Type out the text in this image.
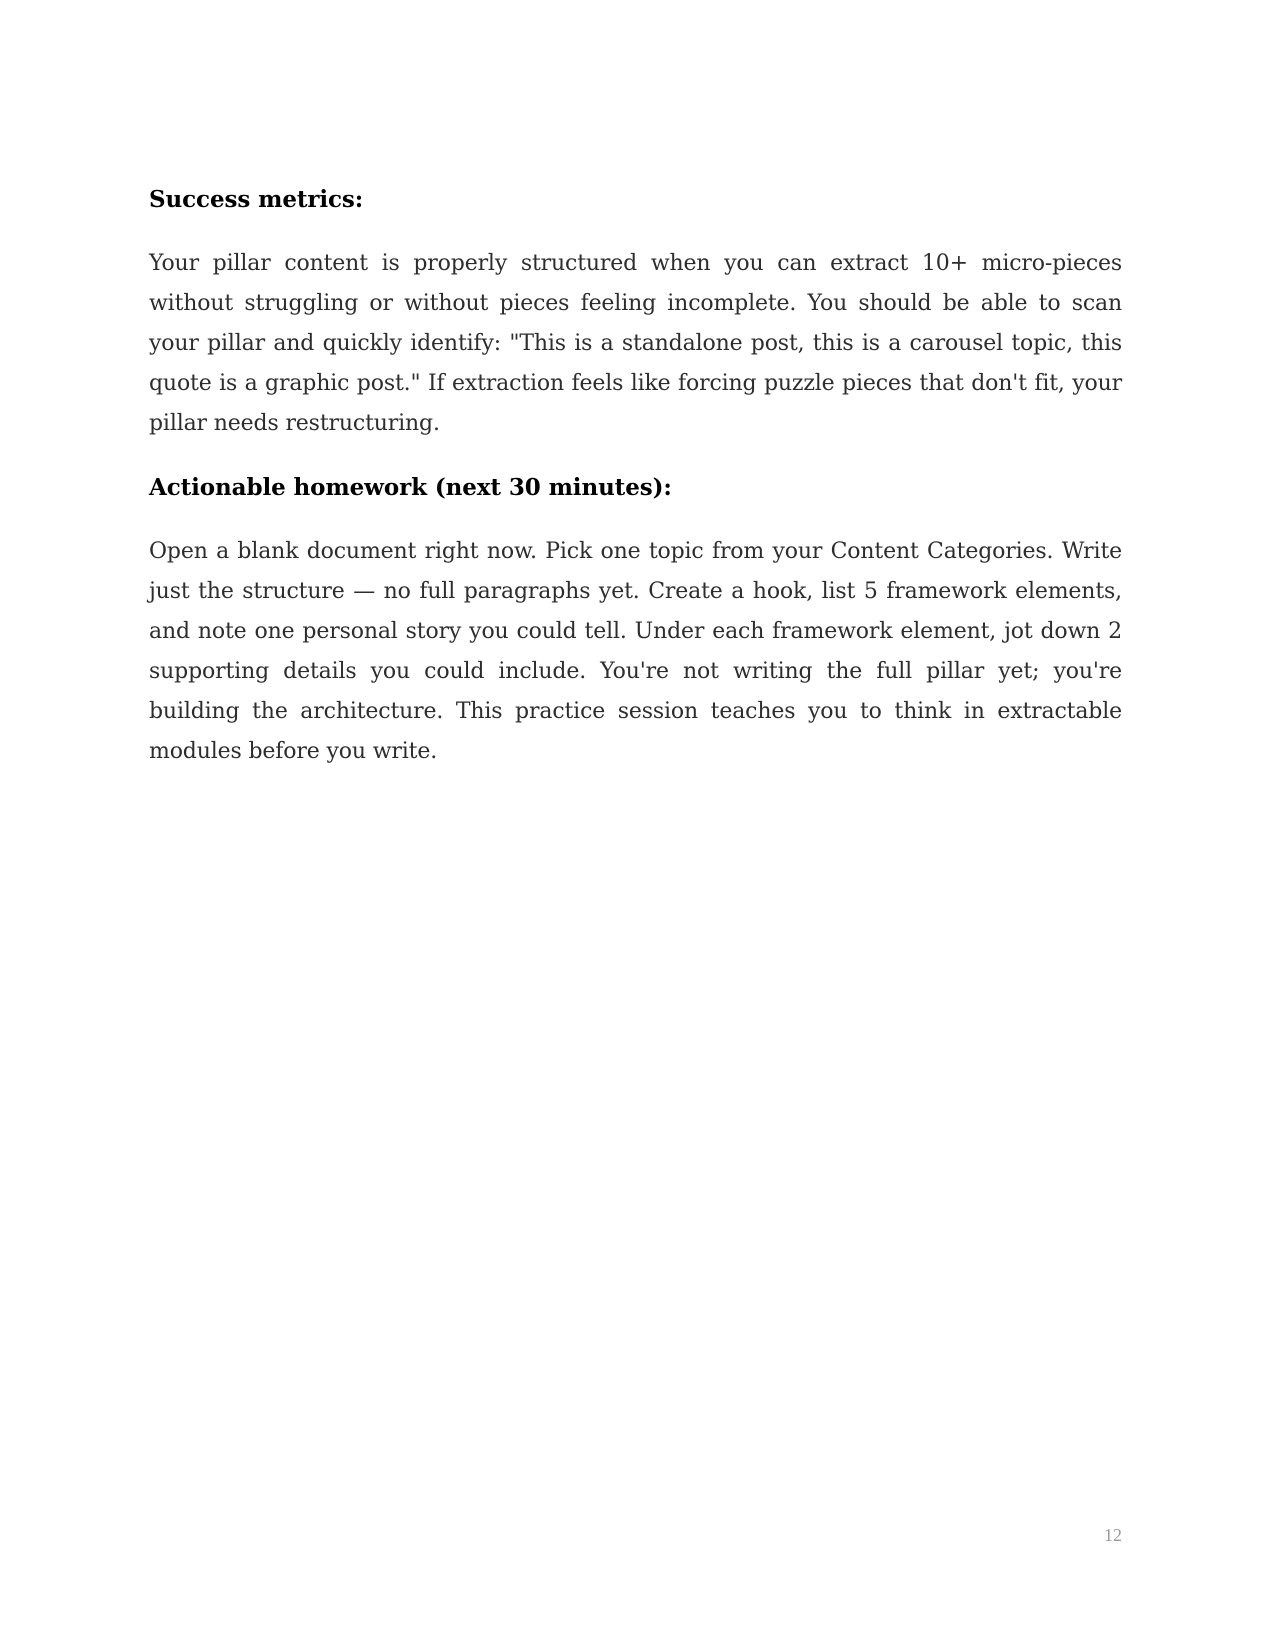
Success metrics:

Your pillar content is properly structured when you can extract 10+ micro-pieces without struggling or without pieces feeling incomplete. You should be able to scan your pillar and quickly identify: "This is a standalone post, this is a carousel topic, this quote is a graphic post." If extraction feels like forcing puzzle pieces that don't fit, your pillar needs restructuring.

Actionable homework (next 30 minutes):

Open a blank document right now. Pick one topic from your Content Categories. Write just the structure — no full paragraphs yet. Create a hook, list 5 framework elements, and note one personal story you could tell. Under each framework element, jot down 2 supporting details you could include. You're not writing the full pillar yet; you're building the architecture. This practice session teaches you to think in extractable modules before you write.

12
